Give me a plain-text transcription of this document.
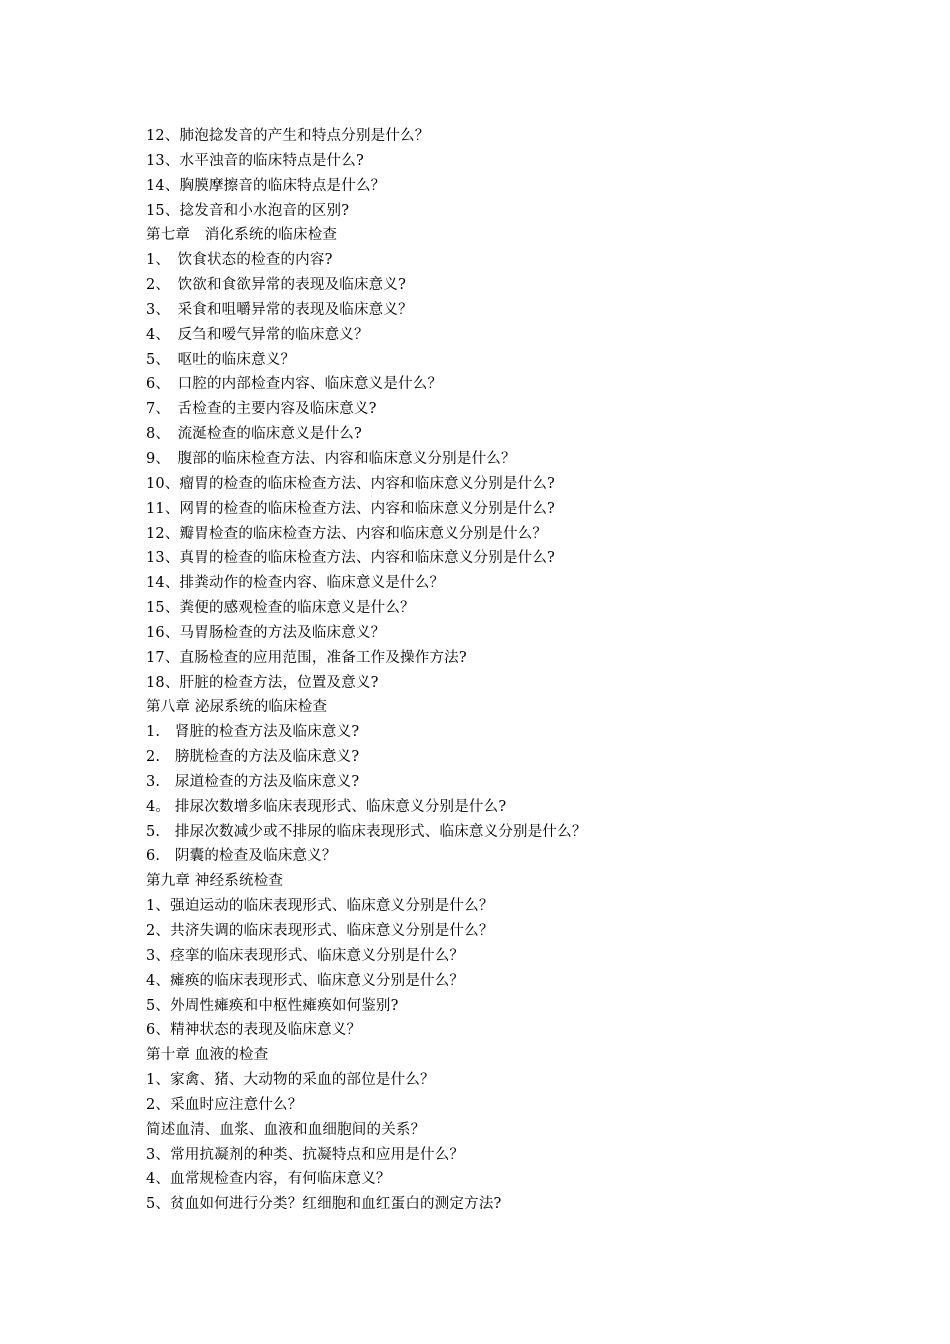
12、肺泡捻发音的产生和特点分别是什么？
13、水平浊音的临床特点是什么?
14、胸膜摩擦音的临床特点是什么？
15、捻发音和小水泡音的区别?
第七章　消化系统的临床检查
1、　饮食状态的检查的内容?
2、　饮欲和食欲异常的表现及临床意义?
3、　采食和咀嚼异常的表现及临床意义？
4、　反刍和嗳气异常的临床意义？
5、　呕吐的临床意义？
6、　口腔的内部检查内容、临床意义是什么？
7、　舌检查的主要内容及临床意义?
8、　流涎检查的临床意义是什么?
9、　腹部的临床检查方法、内容和临床意义分别是什么？
10、瘤胃的检查的临床检查方法、内容和临床意义分别是什么?
11、网胃的检查的临床检查方法、内容和临床意义分别是什么?
12、瓣胃检查的临床检查方法、内容和临床意义分别是什么？
13、真胃的检查的临床检查方法、内容和临床意义分别是什么?
14、排粪动作的检查内容、临床意义是什么？
15、粪便的感观检查的临床意义是什么？
16、马胃肠检查的方法及临床意义？
17、直肠检查的应用范围，准备工作及操作方法?
18、肝脏的检查方法，位置及意义?
第八章 泌尿系统的临床检查
1.　肾脏的检查方法及临床意义?
2.　膀胱检查的方法及临床意义?
3.　尿道检查的方法及临床意义?
4。 排尿次数增多临床表现形式、临床意义分别是什么?
5.　排尿次数减少或不排尿的临床表现形式、临床意义分别是什么？
6.　阴囊的检查及临床意义？
第九章 神经系统检查
1、强迫运动的临床表现形式、临床意义分别是什么？
2、共济失调的临床表现形式、临床意义分别是什么？
3、痉挛的临床表现形式、临床意义分别是什么？
4、瘫痪的临床表现形式、临床意义分别是什么？
5、外周性瘫痪和中枢性瘫痪如何鉴别?
6、精神状态的表现及临床意义？
第十章 血液的检查
1、家禽、猪、大动物的采血的部位是什么？
2、采血时应注意什么？
简述血清、血浆、血液和血细胞间的关系？
3、常用抗凝剂的种类、抗凝特点和应用是什么？
4、血常规检查内容，有何临床意义？
5、贫血如何进行分类？红细胞和血红蛋白的测定方法?
